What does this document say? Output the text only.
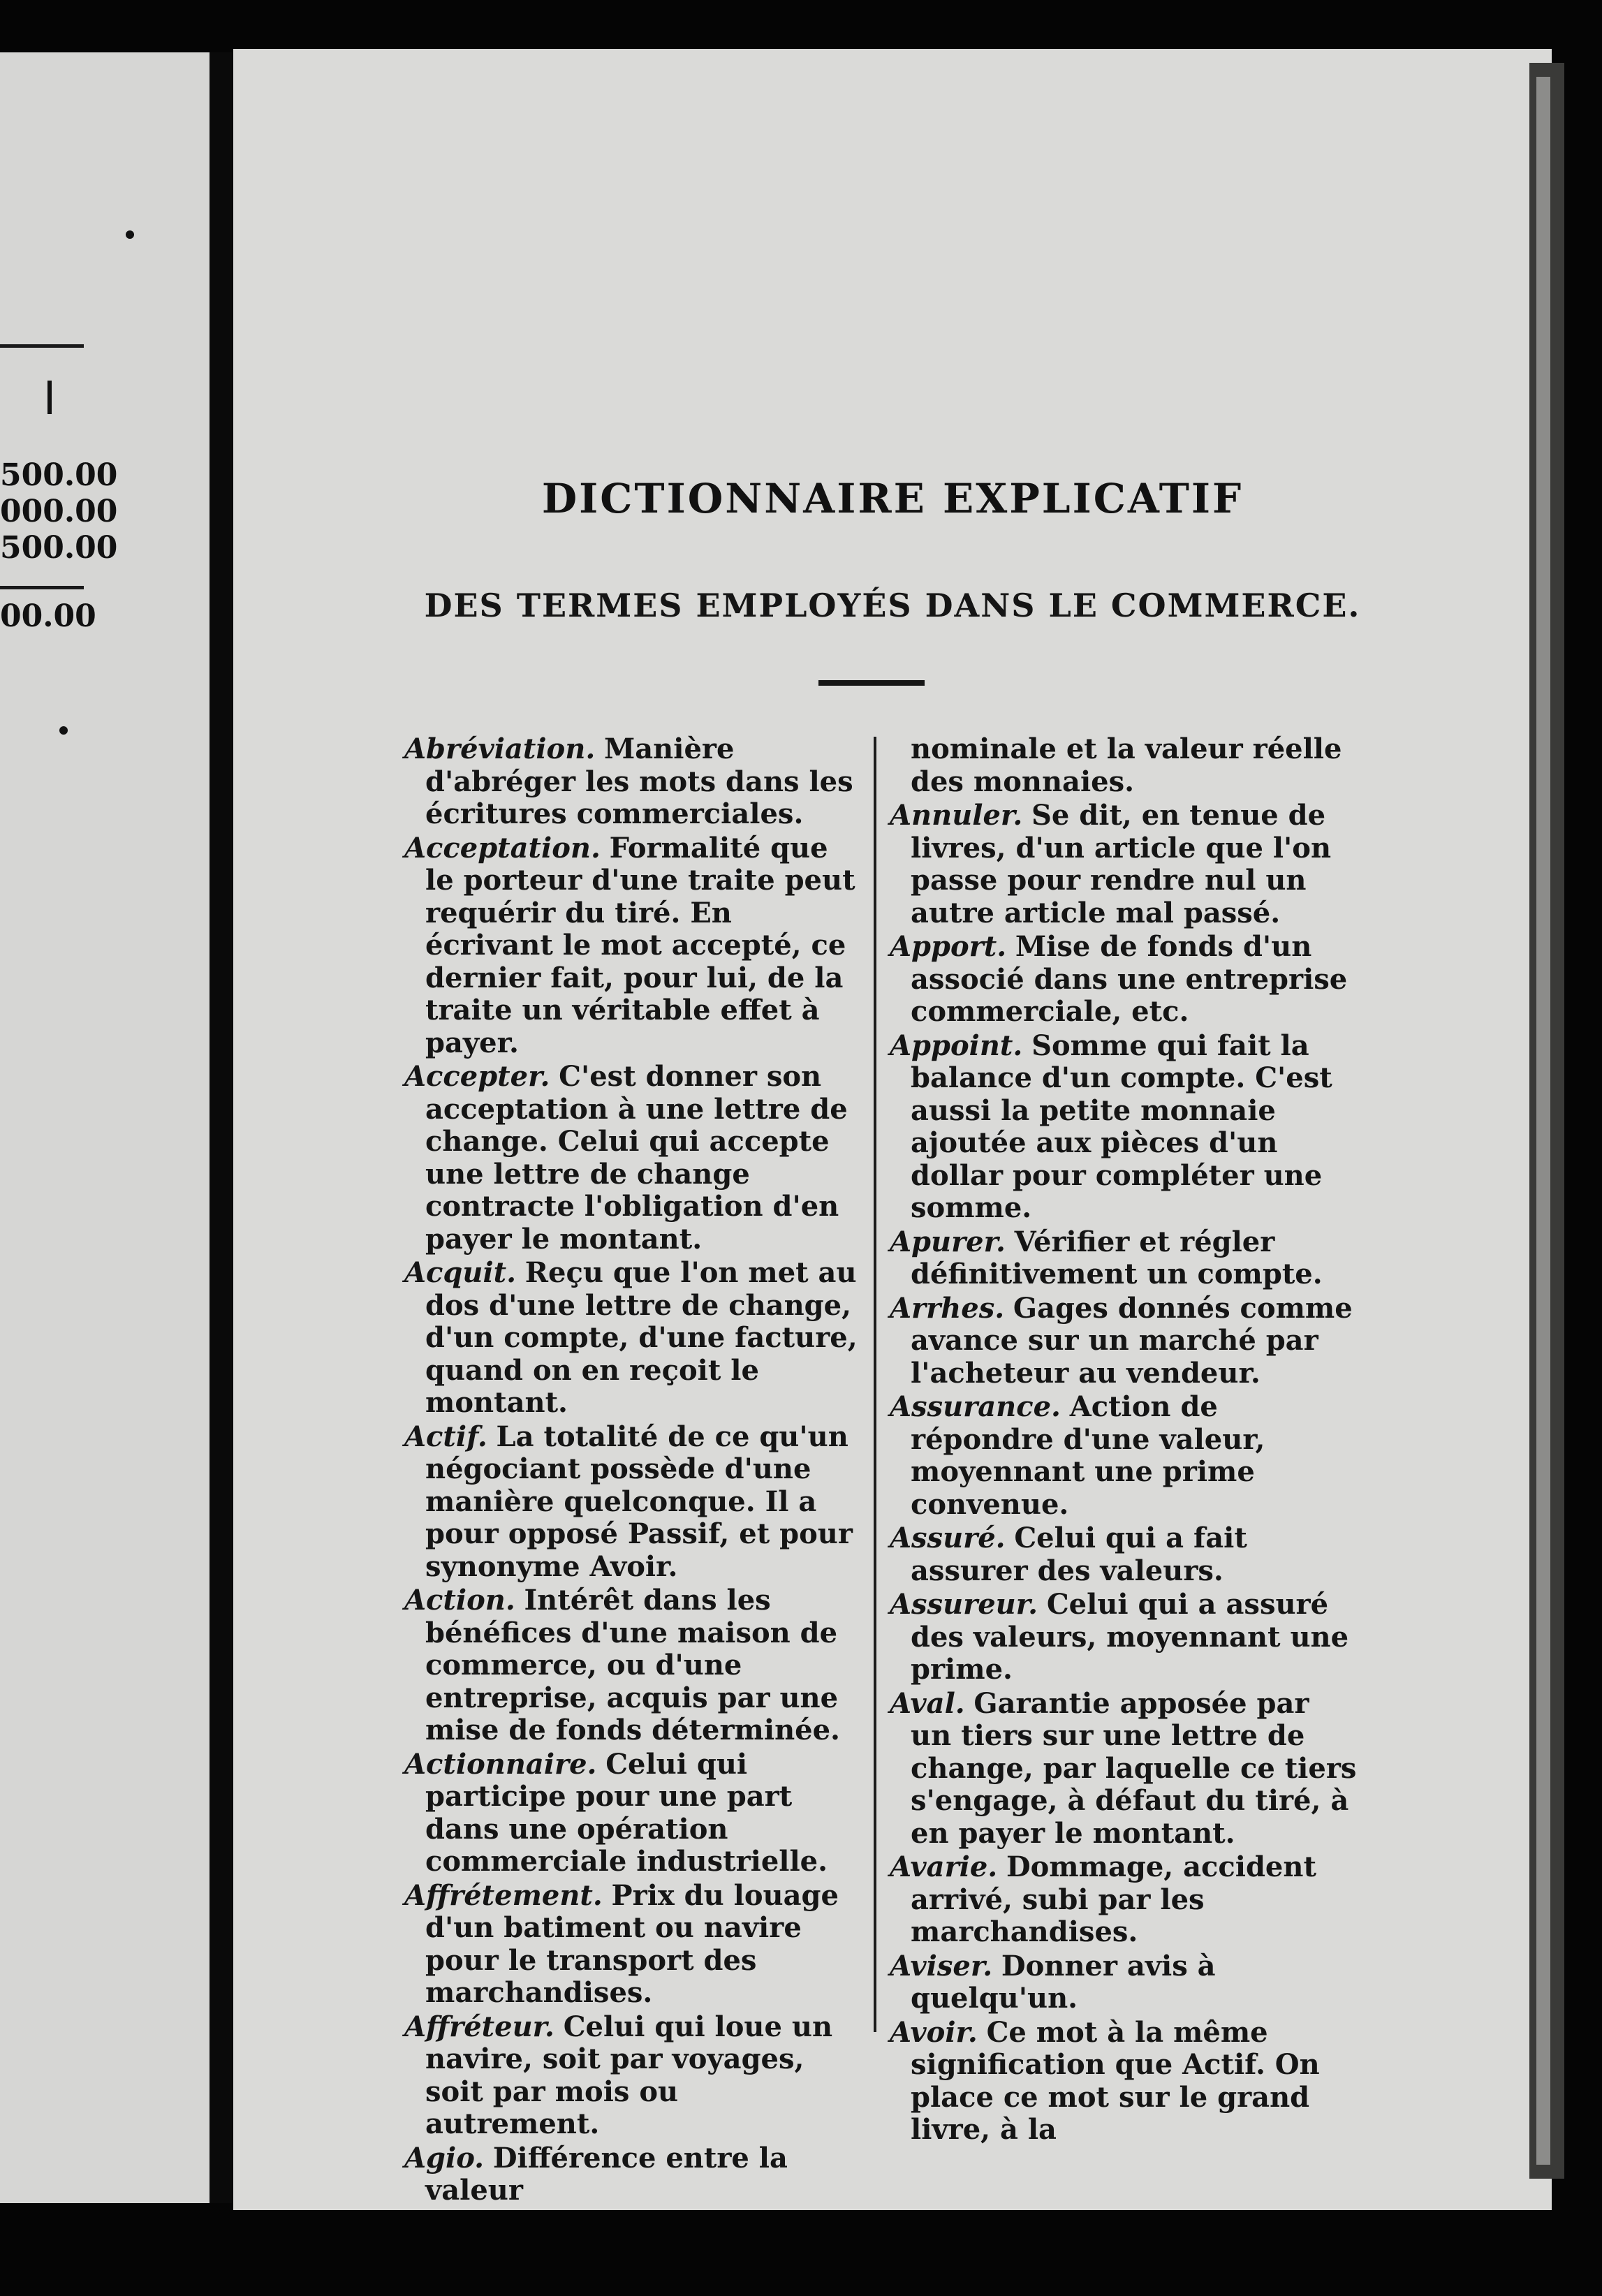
500.00
000.00
500.00
00.00

DICTIONNAIRE EXPLICATIF
DES TERMES EMPLOYÉS DANS LE COMMERCE.

Abréviation. Manière d'abréger les mots dans les écritures commerciales.

Acceptation. Formalité que le porteur d'une traite peut requérir du tiré. En écrivant le mot accepté, ce dernier fait, pour lui, de la traite un véritable effet à payer.

Accepter. C'est donner son acceptation à une lettre de change. Celui qui accepte une lettre de change contracte l'obligation d'en payer le montant.

Acquit. Reçu que l'on met au dos d'une lettre de change, d'un compte, d'une facture, quand on en reçoit le montant.

Actif. La totalité de ce qu'un négociant possède d'une manière quelconque. Il a pour opposé Passif, et pour synonyme Avoir.

Action. Intérêt dans les bénéfices d'une maison de commerce, ou d'une entreprise, acquis par une mise de fonds déterminée.

Actionnaire. Celui qui participe pour une part dans une opération commerciale industrielle.

Affrétement. Prix du louage d'un batiment ou navire pour le transport des marchandises.

Affréteur. Celui qui loue un navire, soit par voyages, soit par mois ou autrement.

Agio. Différence entre la valeur

nominale et la valeur réelle des monnaies.

Annuler. Se dit, en tenue de livres, d'un article que l'on passe pour rendre nul un autre article mal passé.

Apport. Mise de fonds d'un associé dans une entreprise commerciale, etc.

Appoint. Somme qui fait la balance d'un compte. C'est aussi la petite monnaie ajoutée aux pièces d'un dollar pour compléter une somme.

Apurer. Vérifier et régler définitivement un compte.

Arrhes. Gages donnés comme avance sur un marché par l'acheteur au vendeur.

Assurance. Action de répondre d'une valeur, moyennant une prime convenue.

Assuré. Celui qui a fait assurer des valeurs.

Assureur. Celui qui a assuré des valeurs, moyennant une prime.

Aval. Garantie apposée par un tiers sur une lettre de change, par laquelle ce tiers s'engage, à défaut du tiré, à en payer le montant.

Avarie. Dommage, accident arrivé, subi par les marchandises.

Aviser. Donner avis à quelqu'un.

Avoir. Ce mot à la même signification que Actif. On place ce mot sur le grand livre, à la
